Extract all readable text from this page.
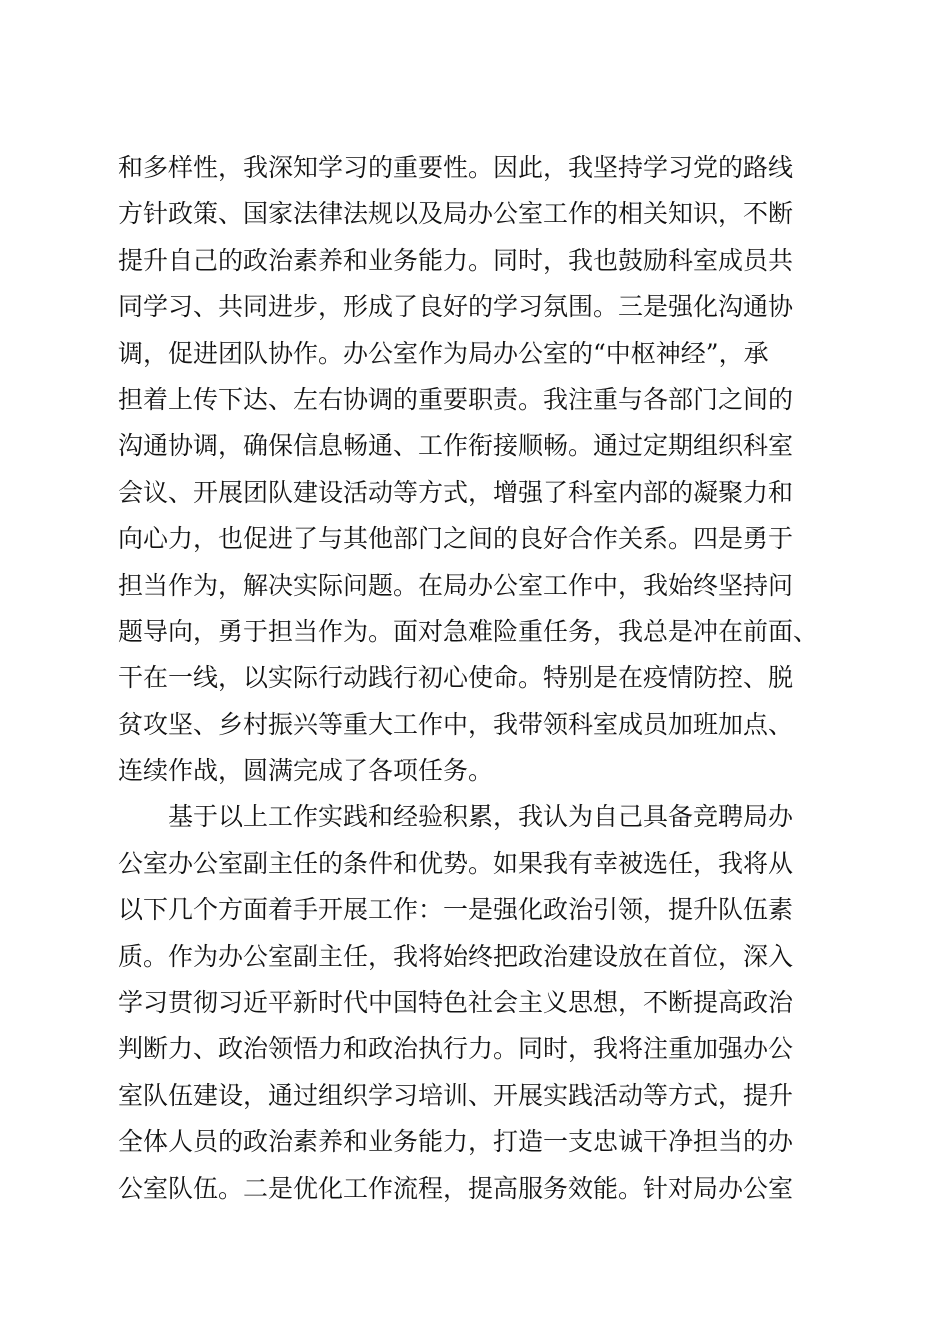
和多样性，我深知学习的重要性。因此，我坚持学习党的路线
方针政策、国家法律法规以及局办公室工作的相关知识，不断
提升自己的政治素养和业务能力。同时，我也鼓励科室成员共
同学习、共同进步，形成了良好的学习氛围。三是强化沟通协
调，促进团队协作。办公室作为局办公室的“中枢神经”，承
担着上传下达、左右协调的重要职责。我注重与各部门之间的
沟通协调，确保信息畅通、工作衔接顺畅。通过定期组织科室
会议、开展团队建设活动等方式，增强了科室内部的凝聚力和
向心力，也促进了与其他部门之间的良好合作关系。四是勇于
担当作为，解决实际问题。在局办公室工作中，我始终坚持问
题导向，勇于担当作为。面对急难险重任务，我总是冲在前面、
干在一线，以实际行动践行初心使命。特别是在疫情防控、脱
贫攻坚、乡村振兴等重大工作中，我带领科室成员加班加点、
连续作战，圆满完成了各项任务。
基于以上工作实践和经验积累，我认为自己具备竞聘局办
公室办公室副主任的条件和优势。如果我有幸被选任，我将从
以下几个方面着手开展工作：一是强化政治引领，提升队伍素
质。作为办公室副主任，我将始终把政治建设放在首位，深入
学习贯彻习近平新时代中国特色社会主义思想，不断提高政治
判断力、政治领悟力和政治执行力。同时，我将注重加强办公
室队伍建设，通过组织学习培训、开展实践活动等方式，提升
全体人员的政治素养和业务能力，打造一支忠诚干净担当的办
公室队伍。二是优化工作流程，提高服务效能。针对局办公室
